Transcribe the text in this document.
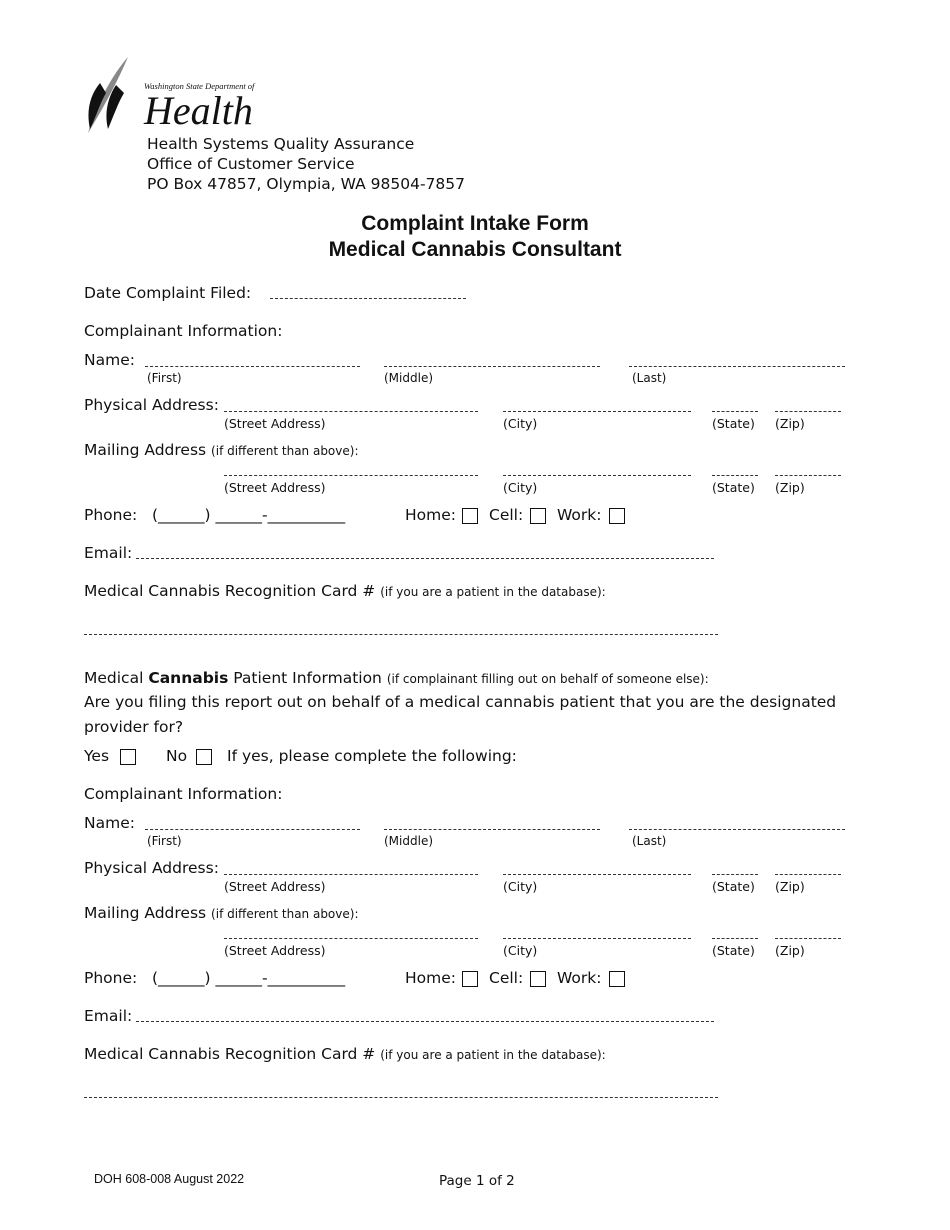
Washington State Department of
Health
Health Systems Quality Assurance
Office of Customer Service
PO Box 47857, Olympia, WA 98504-7857
Complaint Intake Form
Medical Cannabis Consultant
Date Complaint Filed:
Complainant Information:
Name:
(First)	(Middle)	(Last)
Physical Address:
(Street Address)	(City)	(State) (Zip)
Mailing Address (if different than above):
(Street Address)	(City)	(State) (Zip)
Phone: (______) ______-__________	Home: Cell: Work:
Email:
Medical Cannabis Recognition Card # (if you are a patient in the database):
Medical Cannabis Patient Information (if complainant filling out on behalf of someone else):
Are you filing this report out on behalf of a medical cannabis patient that you are the designated
provider for?
Yes	No	If yes, please complete the following:
Complainant Information:
Name:
(First)	(Middle)	(Last)
Physical Address:
(Street Address)	(City)	(State) (Zip)
Mailing Address (if different than above):
(Street Address)	(City)	(State) (Zip)
Phone: (______) ______-__________	Home: Cell: Work:
Email:
Medical Cannabis Recognition Card # (if you are a patient in the database):
DOH 608-008 August 2022	Page 1 of 2
